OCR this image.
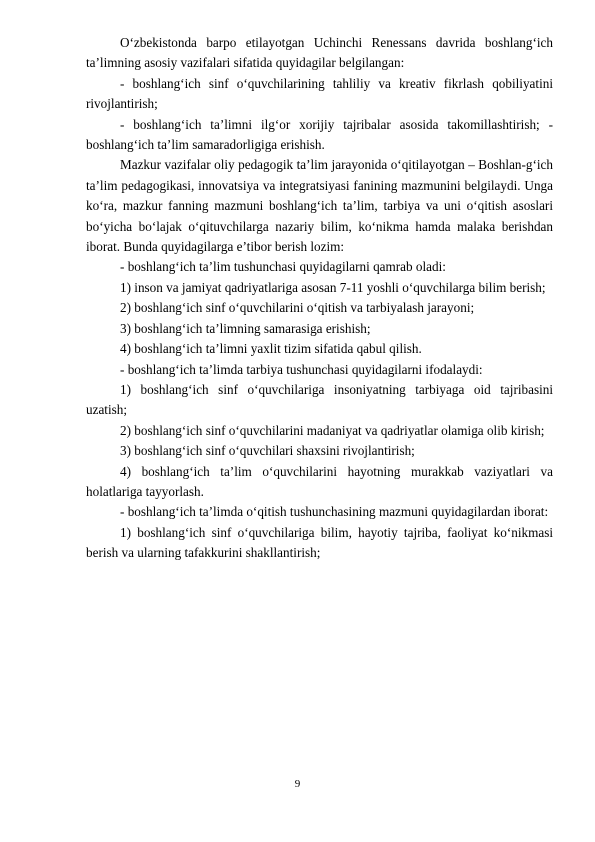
O‘zbekistonda barpo etilayotgan Uchinchi Renessans davrida boshlang‘ich ta’limning asosiy vazifalari sifatida quyidagilar belgilangan:

- boshlang‘ich sinf o‘quvchilarining tahliliy va kreativ fikrlash qobiliyatini rivojlantirish;

- boshlang‘ich ta’limni ilg‘or xorijiy tajribalar asosida takomillashtirish; - boshlang‘ich ta’lim samaradorligiga erishish.

Mazkur vazifalar oliy pedagogik ta’lim jarayonida o‘qitilayotgan – Boshlan-g‘ich ta’lim pedagogikasi, innovatsiya va integratsiyasi fanining mazmunini belgilaydi. Unga ko‘ra, mazkur fanning mazmuni boshlang‘ich ta’lim, tarbiya va uni o‘qitish asoslari bo‘yicha bo‘lajak o‘qituvchilarga nazariy bilim, ko‘nikma hamda malaka berishdan iborat. Bunda quyidagilarga e’tibor berish lozim:

- boshlang‘ich ta’lim tushunchasi quyidagilarni qamrab oladi:

1) inson va jamiyat qadriyatlariga asosan 7-11 yoshli o‘quvchilarga bilim berish;

2) boshlang‘ich sinf o‘quvchilarini o‘qitish va tarbiyalash jarayoni;

3) boshlang‘ich ta’limning samarasiga erishish;

4) boshlang‘ich ta’limni yaxlit tizim sifatida qabul qilish.

- boshlang‘ich ta’limda tarbiya tushunchasi quyidagilarni ifodalaydi:

1) boshlang‘ich sinf o‘quvchilariga insoniyatning tarbiyaga oid tajribasini uzatish;

2) boshlang‘ich sinf o‘quvchilarini madaniyat va qadriyatlar olamiga olib kirish;

3) boshlang‘ich sinf o‘quvchilari shaxsini rivojlantirish;

4) boshlang‘ich ta’lim o‘quvchilarini hayotning murakkab vaziyatlari va holatlariga tayyorlash.

- boshlang‘ich ta’limda o‘qitish tushunchasining mazmuni quyidagilardan iborat:

1) boshlang‘ich sinf o‘quvchilariga bilim, hayotiy tajriba, faoliyat ko‘nikmasi berish va ularning tafakkurini shakllantirish;

9
